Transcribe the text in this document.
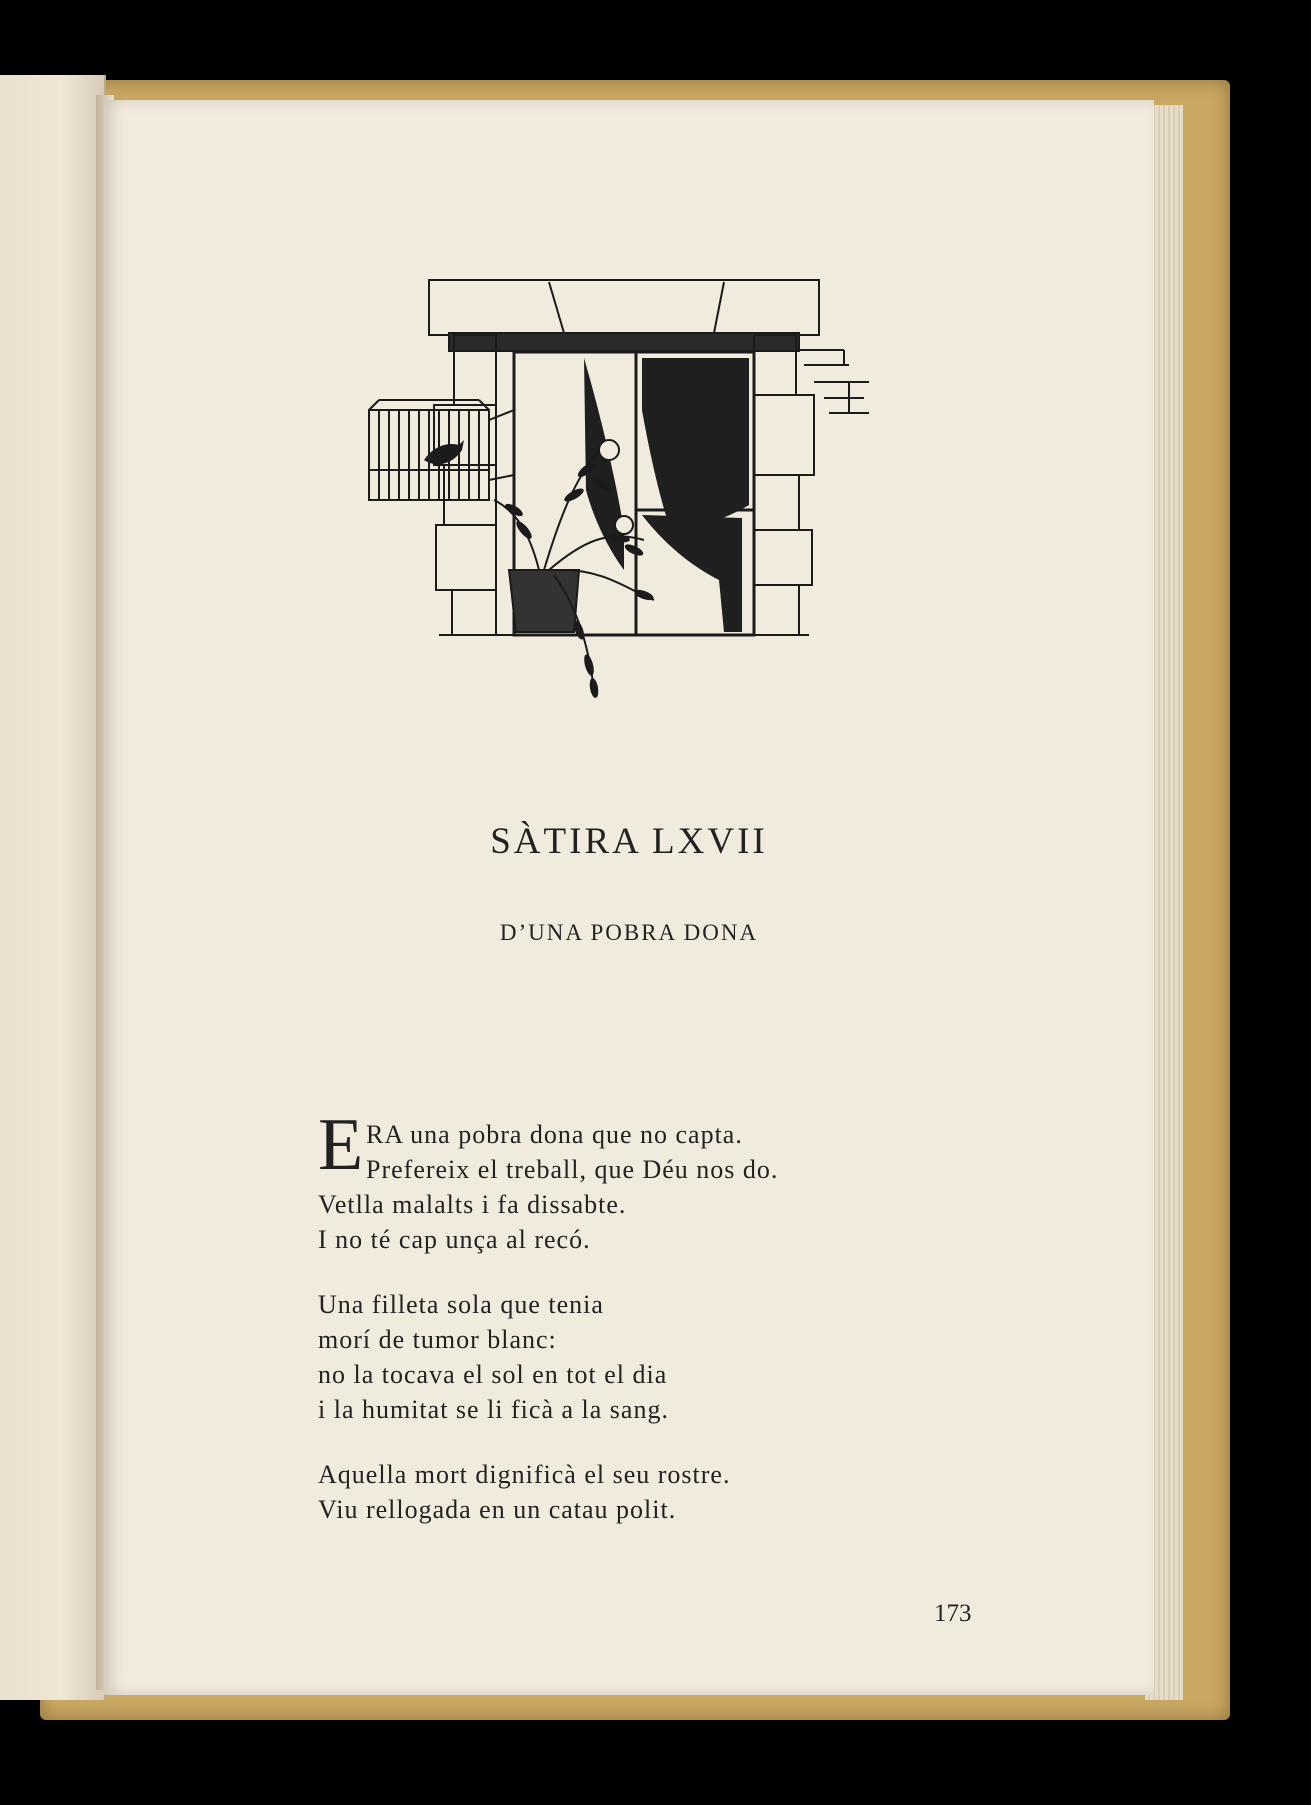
SÀTIRA LXVII
D’UNA POBRA DONA
E RA una pobra dona que no capta.
Prefereix el treball, que Déu nos do.
Vetlla malalts i fa dissabte.
I no té cap unça al recó.
Una filleta sola que tenia
morí de tumor blanc:
no la tocava el sol en tot el dia
i la humitat se li ficà a la sang.
Aquella mort dignificà el seu rostre.
Viu rellogada en un catau polit.
173
